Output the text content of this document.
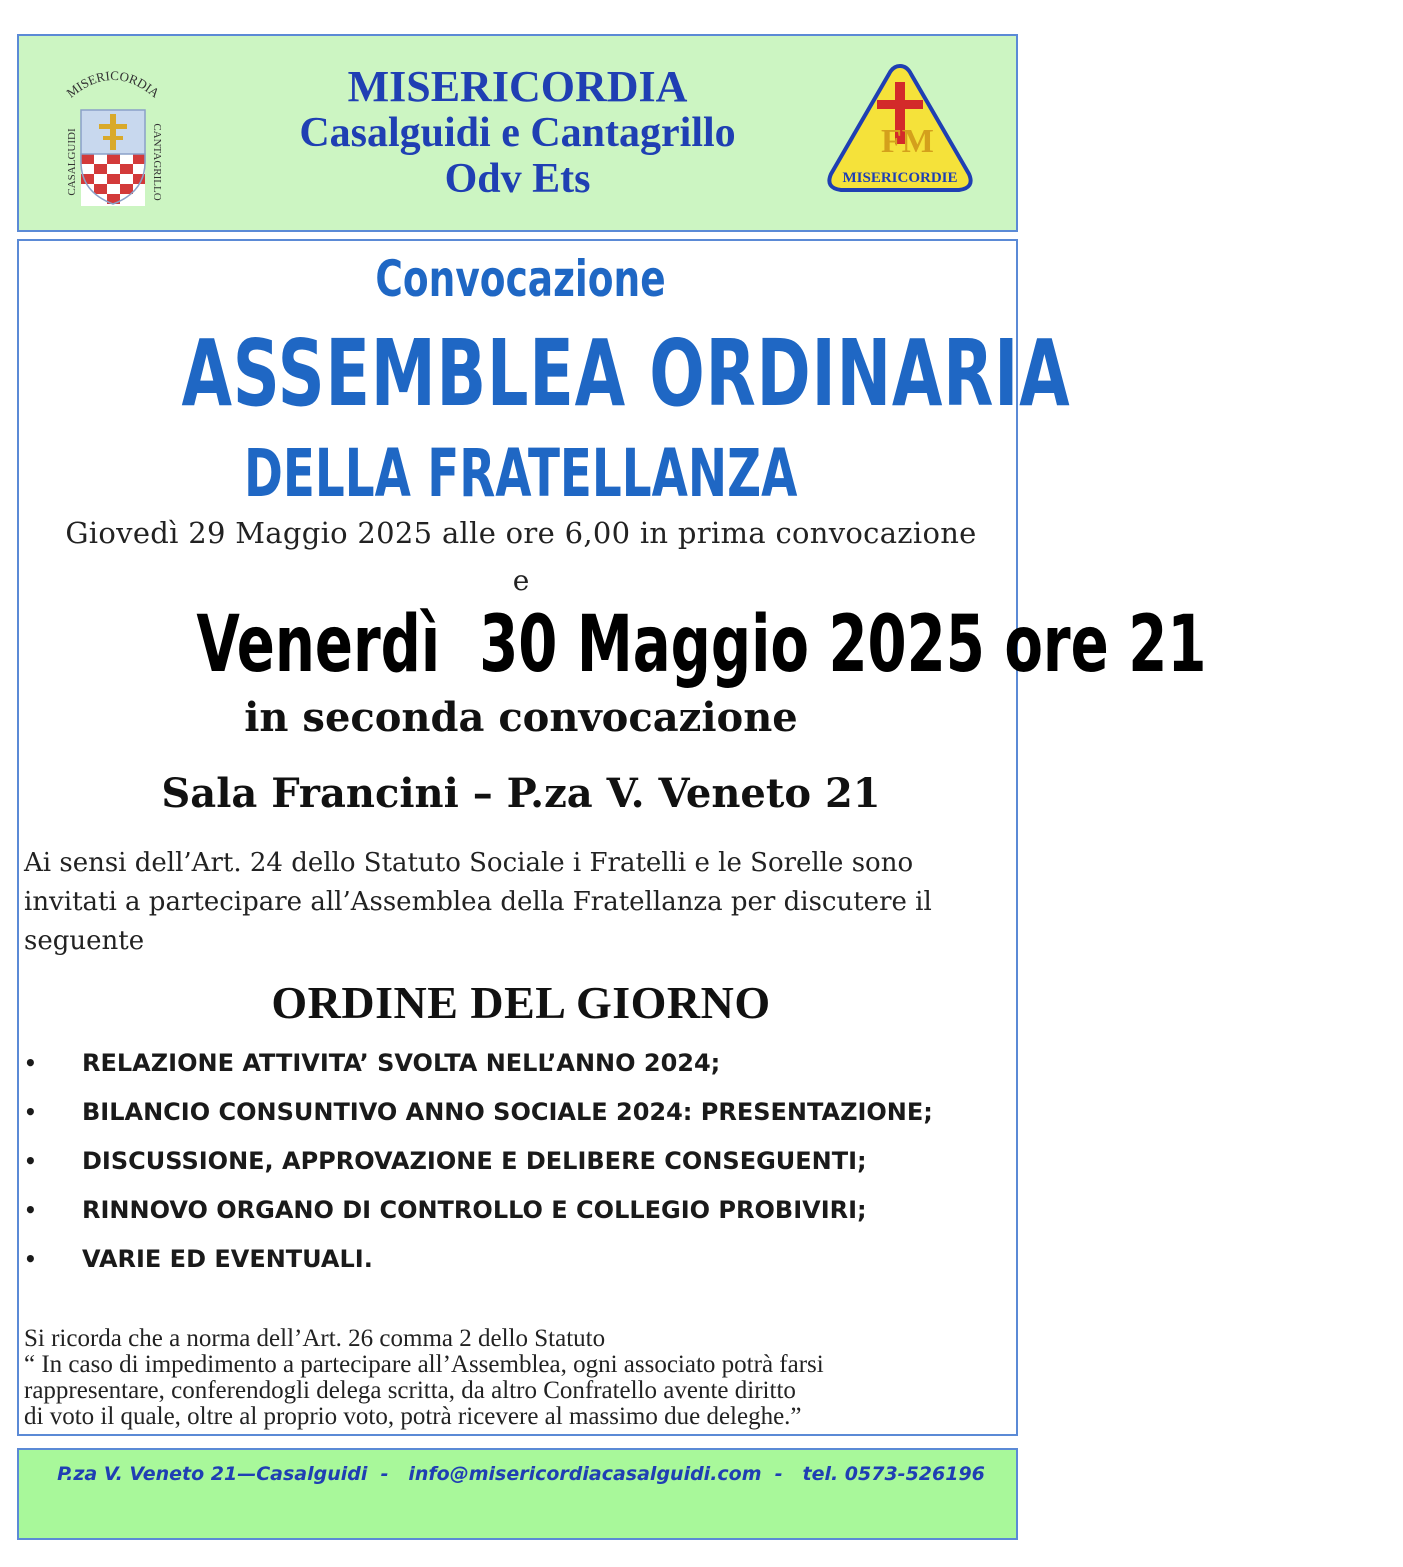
MISERICORDIA
CASALGUIDI	CANTAGRILLO
MISERICORDIA
Casalguidi e Cantagrillo
Odv Ets
FM
MISERICORDIE
Convocazione
ASSEMBLEA ORDINARIA
DELLA FRATELLANZA
Giovedì 29 Maggio 2025 alle ore 6,00 in prima convocazione
e
Venerdì  30 Maggio 2025 ore 21
in seconda convocazione
Sala Francini – P.za V. Veneto 21
Ai sensi dell’Art. 24 dello Statuto Sociale i Fratelli e le Sorelle sono
invitati a partecipare all’Assemblea della Fratellanza per discutere il
seguente
ORDINE DEL GIORNO
• RELAZIONE ATTIVITA’ SVOLTA NELL’ANNO 2024;
• BILANCIO CONSUNTIVO ANNO SOCIALE 2024: PRESENTAZIONE;
• DISCUSSIONE, APPROVAZIONE E DELIBERE CONSEGUENTI;
• RINNOVO ORGANO DI CONTROLLO E COLLEGIO PROBIVIRI;
• VARIE ED EVENTUALI.
Si ricorda che a norma dell’Art. 26 comma 2 dello Statuto
“ In caso di impedimento a partecipare all’Assemblea, ogni associato potrà farsi
rappresentare, conferendogli delega scritta, da altro Confratello avente diritto
di voto il quale, oltre al proprio voto, potrà ricevere al massimo due deleghe.”
P.za V. Veneto 21—Casalguidi  -   info@misericordiacasalguidi.com  -   tel. 0573-526196
